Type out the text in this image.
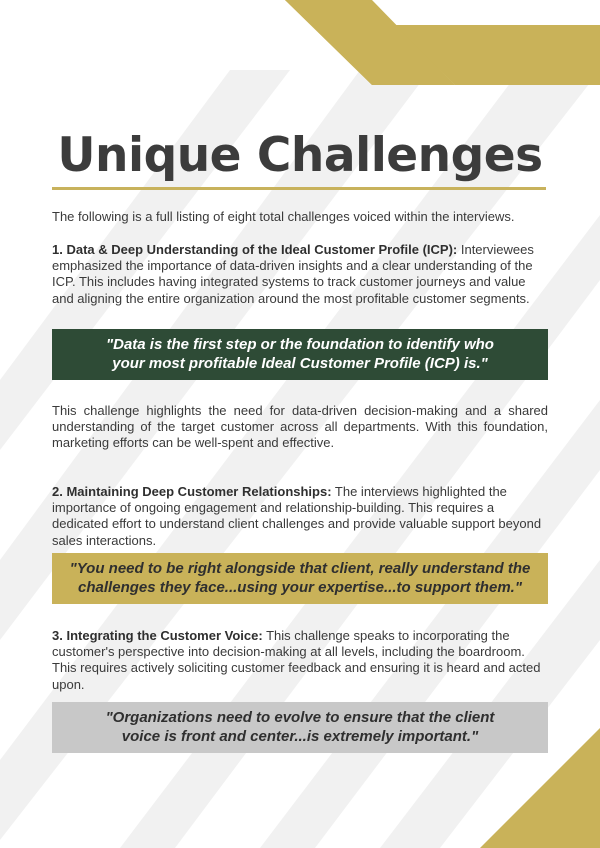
Unique Challenges
The following is a full listing of eight total challenges voiced within the interviews.
1. Data & Deep Understanding of the Ideal Customer Profile (ICP): Interviewees emphasized the importance of data-driven insights and a clear understanding of the ICP. This includes having integrated systems to track customer journeys and value and aligning the entire organization around the most profitable customer segments.
"Data is the first step or the foundation to identify who
your most profitable Ideal Customer Profile (ICP) is."
This challenge highlights the need for data-driven decision-making and a shared understanding of the target customer across all departments. With this foundation, marketing efforts can be well-spent and effective.
2. Maintaining Deep Customer Relationships: The interviews highlighted the importance of ongoing engagement and relationship-building. This requires a dedicated effort to understand client challenges and provide valuable support beyond sales interactions.
"You need to be right alongside that client, really understand the
challenges they face...using your expertise...to support them."
3. Integrating the Customer Voice: This challenge speaks to incorporating the customer's perspective into decision-making at all levels, including the boardroom. This requires actively soliciting customer feedback and ensuring it is heard and acted upon.
"Organizations need to evolve to ensure that the client
voice is front and center...is extremely important."
